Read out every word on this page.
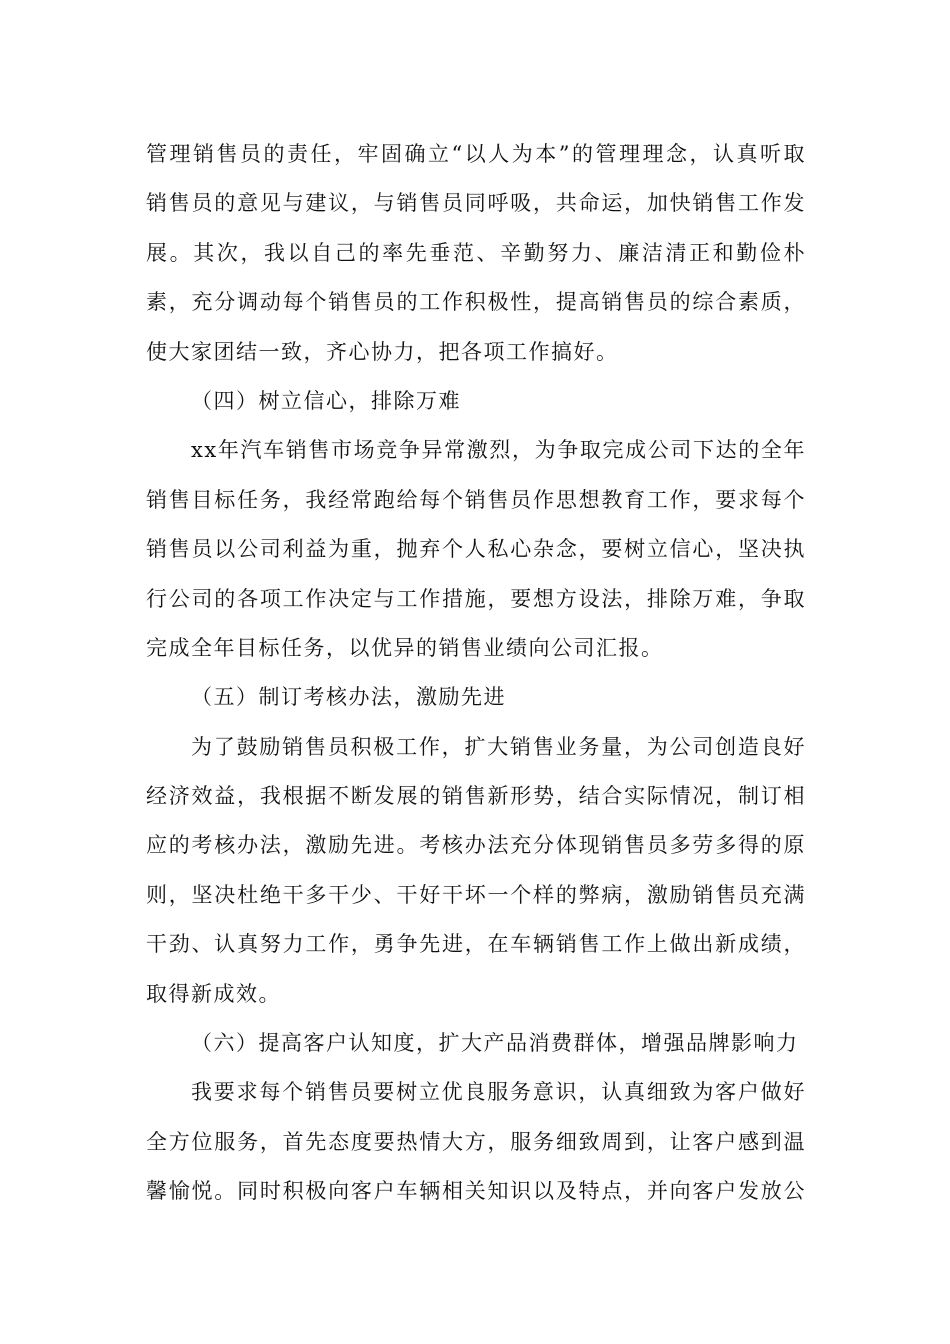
管理销售员的责任，牢固确立“以人为本”的管理理念，认真听取
销售员的意见与建议，与销售员同呼吸，共命运，加快销售工作发
展。其次，我以自己的率先垂范、辛勤努力、廉洁清正和勤俭朴
素，充分调动每个销售员的工作积极性，提高销售员的综合素质，
使大家团结一致，齐心协力，把各项工作搞好。
（四）树立信心，排除万难
xx年汽车销售市场竞争异常激烈，为争取完成公司下达的全年
销售目标任务，我经常跑给每个销售员作思想教育工作，要求每个
销售员以公司利益为重，抛弃个人私心杂念，要树立信心，坚决执
行公司的各项工作决定与工作措施，要想方设法，排除万难，争取
完成全年目标任务，以优异的销售业绩向公司汇报。
（五）制订考核办法，激励先进
为了鼓励销售员积极工作，扩大销售业务量，为公司创造良好
经济效益，我根据不断发展的销售新形势，结合实际情况，制订相
应的考核办法，激励先进。考核办法充分体现销售员多劳多得的原
则，坚决杜绝干多干少、干好干坏一个样的弊病，激励销售员充满
干劲、认真努力工作，勇争先进，在车辆销售工作上做出新成绩，
取得新成效。
（六）提高客户认知度，扩大产品消费群体，增强品牌影响力
我要求每个销售员要树立优良服务意识，认真细致为客户做好
全方位服务，首先态度要热情大方，服务细致周到，让客户感到温
馨愉悦。同时积极向客户车辆相关知识以及特点，并向客户发放公
